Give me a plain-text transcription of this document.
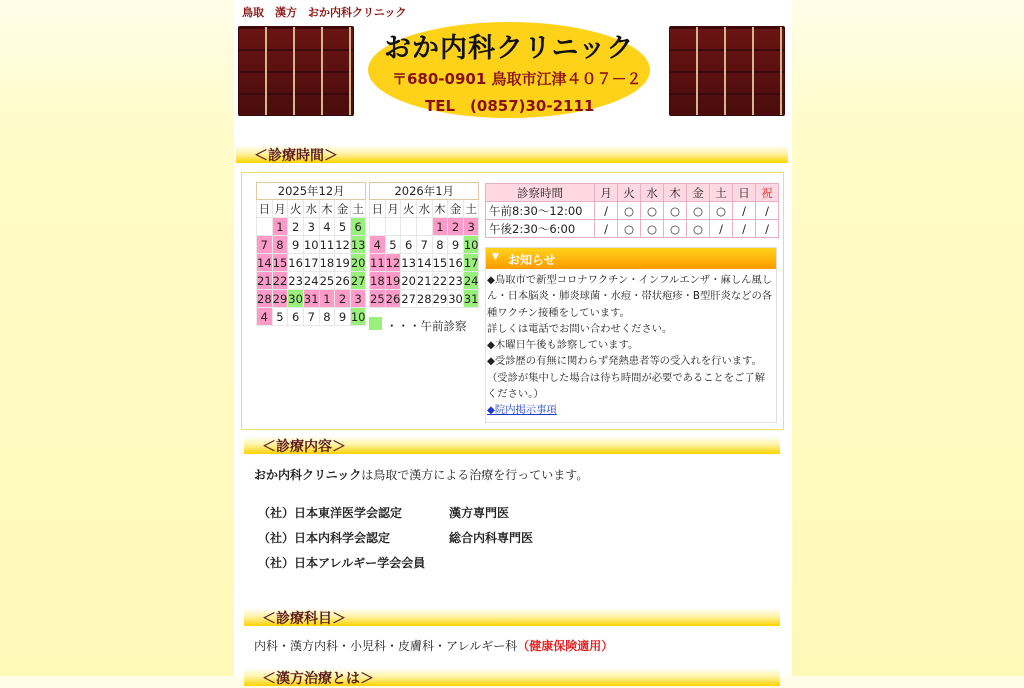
鳥取　漢方　おか内科クリニック
おか内科クリニック
〒680-0901 鳥取市江津４０７－２
TEL　(0857)30-2111
＜診療時間＞
2025年12月						
日	月	火	水	木	金	土
	1	2	3	4	5	6
7	8	9	10	11	12	13
14	15	16	17	18	19	20
21	22	23	24	25	26	27
28	29	30	31	1	2	3
4	5	6	7	8	9	10
2026年1月						
日	月	火	水	木	金	土
				1	2	3
4	5	6	7	8	9	10
11	12	13	14	15	16	17
18	19	20	21	22	23	24
25	26	27	28	29	30	31
・・・午前診察
診察時間	月	火	水	木	金	土	日	祝
午前8:30～12:00	/	○	○	○	○	○	/	/
午後2:30～6:00	/	○	○	○	○	/	/	/
▼ お知らせ

◆鳥取市で新型コロナワクチン・インフルエンザ・麻しん風しん・日本脳炎・肺炎球菌・水痘・帯状疱疹・B型肝炎などの各種ワクチン接種をしています。

詳しくは電話でお問い合わせください。

◆木曜日午後も診察しています。

◆受診歴の有無に関わらず発熱患者等の受入れを行います。（受診が集中した場合は待ち時間が必要であることをご了解ください。）

◆院内掲示事項

＜診療内容＞
おか内科クリニックは鳥取で漢方による治療を行っています。
（社）日本東洋医学会認定	漢方専門医
（社）日本内科学会認定	総合内科専門医
（社）日本アレルギー学会会員
＜診療科目＞
内科・漢方内科・小児科・皮膚科・アレルギー科（健康保険適用）
＜漢方治療とは＞
